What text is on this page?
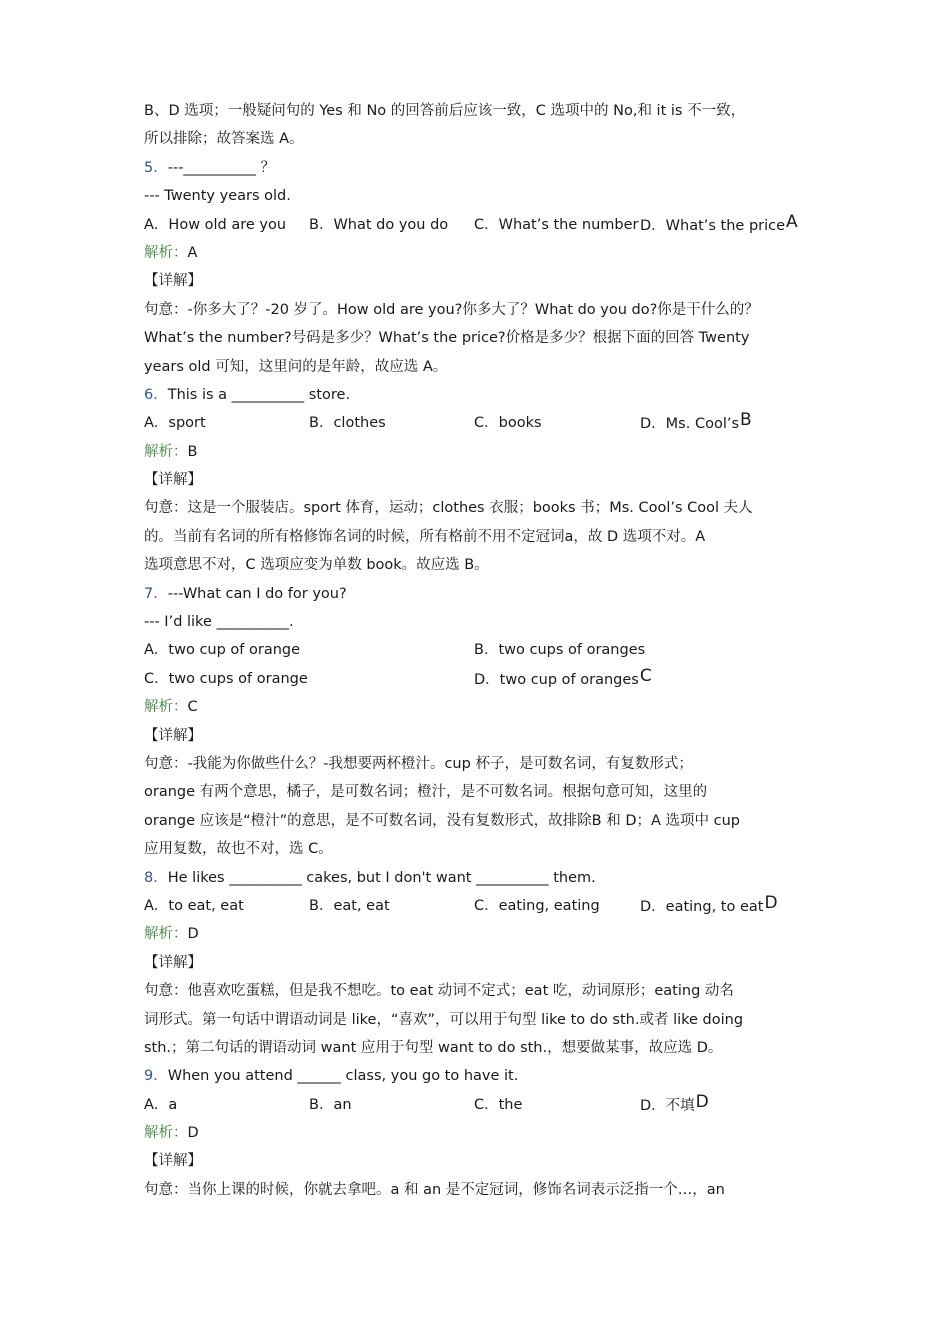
B、D 选项；一般疑问句的 Yes 和 No 的回答前后应该一致，C 选项中的 No,和 it is 不一致，
所以排除；故答案选 A。
5．---__________ ？
--- Twenty years old.
A．How old are you B．What do you do C．What’s the number D．What’s the priceA
解析：A
【详解】
句意：-你多大了？-20 岁了。How old are you?你多大了？What do you do?你是干什么的？
What’s the number?号码是多少？What’s the price?价格是多少？根据下面的回答 Twenty
years old 可知，这里问的是年龄，故应选 A。
6．This is a __________ store.
A．sport	B．clothes	C．books	D．Ms. Cool’sB
解析：B
【详解】
句意：这是一个服装店。sport 体育，运动；clothes 衣服；books 书；Ms. Cool’s Cool 夫人
的。当前有名词的所有格修饰名词的时候，所有格前不用不定冠词a，故 D 选项不对。A
选项意思不对，C 选项应变为单数 book。故应选 B。
7．---What can I do for you?
--- I’d like __________.
A．two cup of orange	B．two cups of oranges
C．two cups of orange	D．two cup of orangesC
解析：C
【详解】
句意：-我能为你做些什么？-我想要两杯橙汁。cup 杯子，是可数名词，有复数形式；
orange 有两个意思，橘子，是可数名词；橙汁，是不可数名词。根据句意可知，这里的
orange 应该是“橙汁”的意思，是不可数名词，没有复数形式，故排除B 和 D；A 选项中 cup
应用复数，故也不对，选 C。
8．He likes __________ cakes, but I don't want __________ them.
A．to eat, eat	B．eat, eat	C．eating, eating	D．eating, to eatD
解析：D
【详解】
句意：他喜欢吃蛋糕，但是我不想吃。to eat 动词不定式；eat 吃，动词原形；eating 动名
词形式。第一句话中谓语动词是 like，“喜欢”，可以用于句型 like to do sth.或者 like doing
sth.；第二句话的谓语动词 want 应用于句型 want to do sth.，想要做某事，故应选 D。
9．When you attend ______ class, you go to have it.
A．a	B．an	C．the	D．不填D
解析：D
【详解】
句意：当你上课的时候，你就去拿吧。a 和 an 是不定冠词，修饰名词表示泛指一个…，an
